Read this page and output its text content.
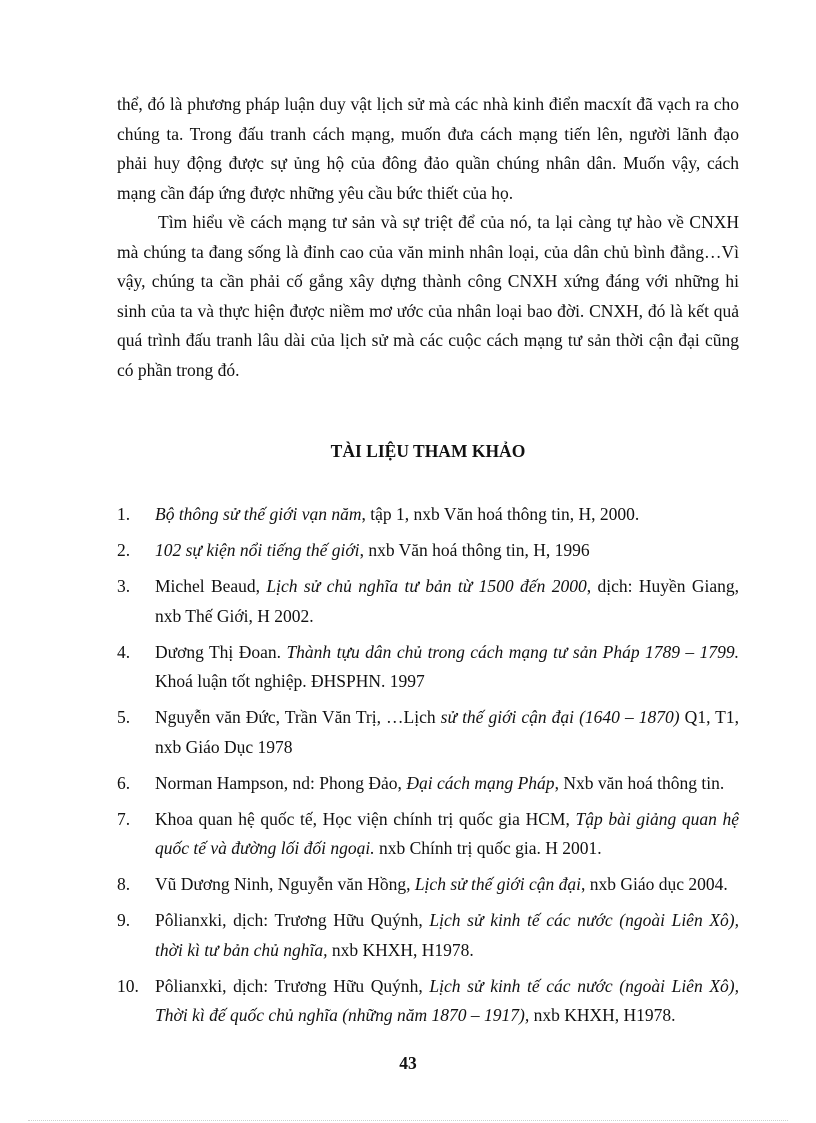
thể, đó là phương pháp luận duy vật lịch sử mà các nhà kinh điển macxít đã vạch ra cho chúng ta. Trong đấu tranh cách mạng, muốn đưa cách mạng tiến lên, người lãnh đạo phải huy động được sự ủng hộ của đông đảo quần chúng nhân dân. Muốn vậy, cách mạng cần đáp ứng được những yêu cầu bức thiết của họ.

Tìm hiểu về cách mạng tư sản và sự triệt để của nó, ta lại càng tự hào về CNXH mà chúng ta đang sống là đỉnh cao của văn minh nhân loại, của dân chủ bình đẳng…Vì vậy, chúng ta cần phải cố gắng xây dựng thành công CNXH xứng đáng với những hi sinh của ta và thực hiện được niềm mơ ước của nhân loại bao đời. CNXH, đó là kết quả quá trình đấu tranh lâu dài của lịch sử mà các cuộc cách mạng tư sản thời cận đại cũng có phần trong đó.

TÀI LIỆU THAM KHẢO
1. Bộ thông sử thế giới vạn năm, tập 1, nxb Văn hoá thông tin, H, 2000.
2. 102 sự kiện nổi tiếng thế giới, nxb Văn hoá thông tin, H, 1996
3. Michel Beaud, Lịch sử chủ nghĩa tư bản từ 1500 đến 2000, dịch: Huyền Giang, nxb Thế Giới, H 2002.
4. Dương Thị Đoan. Thành tựu dân chủ trong cách mạng tư sản Pháp 1789 – 1799. Khoá luận tốt nghiệp. ĐHSPHN. 1997
5. Nguyễn văn Đức, Trần Văn Trị, …Lịch sử thế giới cận đại (1640 – 1870) Q1, T1, nxb Giáo Dục 1978
6. Norman Hampson, nd: Phong Đảo, Đại cách mạng Pháp, Nxb văn hoá thông tin.
7. Khoa quan hệ quốc tế, Học viện chính trị quốc gia HCM, Tập bài giảng quan hệ quốc tế và đường lối đối ngoại. nxb Chính trị quốc gia. H 2001.
8. Vũ Dương Ninh, Nguyễn văn Hồng, Lịch sử thế giới cận đại, nxb Giáo dục 2004.
9. Pôlianxki, dịch: Trương Hữu Quýnh, Lịch sử kinh tế các nước (ngoài Liên Xô), thời kì tư bản chủ nghĩa, nxb KHXH, H1978.
10. Pôlianxki, dịch: Trương Hữu Quýnh, Lịch sử kinh tế các nước (ngoài Liên Xô), Thời kì đế quốc chủ nghĩa (những năm 1870 – 1917), nxb KHXH, H1978.
43
